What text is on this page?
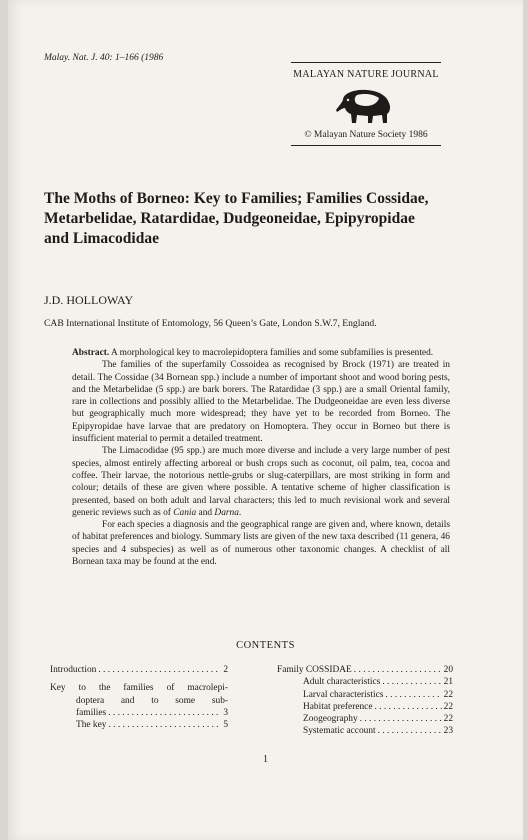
Malay. Nat. J. 40: 1–166 (1986
MALAYAN NATURE JOURNAL
© Malayan Nature Society 1986
The Moths of Borneo: Key to Families; Families Cossidae,
Metarbelidae, Ratardidae, Dudgeoneidae, Epipyropidae
and Limacodidae
J.D. HOLLOWAY
CAB International Institute of Entomology, 56 Queen’s Gate, London S.W.7, England.

Abstract. A morphological key to macrolepidoptera families and some subfamilies is presented.

The families of the superfamily Cossoidea as recognised by Brock (1971) are treated in detail. The Cossidae (34 Bornean spp.) include a number of important shoot and wood boring pests, and the Metarbelidae (5 spp.) are bark borers. The Ratardidae (3 spp.) are a small Oriental family, rare in collections and possibly allied to the Metarbelidae. The Dudgeoneidae are even less diverse but geographically much more widespread; they have yet to be recorded from Borneo. The Epipyropidae have larvae that are predatory on Homoptera. They occur in Borneo but there is insufficient material to permit a detailed treatment.

The Limacodidae (95 spp.) are much more diverse and include a very large number of pest species, almost entirely affecting arboreal or bush crops such as coconut, oil palm, tea, cocoa and coffee. Their larvae, the notorious nettle-grubs or slug-caterpillars, are most striking in form and colour; details of these are given where possible. A tentative scheme of higher classification is presented, based on both adult and larval characters; this led to much revisional work and several generic reviews such as of Cania and Darna.

For each species a diagnosis and the geographical range are given and, where known, details of habitat preferences and biology. Summary lists are given of the new taxa described (11 genera, 46 species and 4 subspecies) as well as of numerous other taxonomic changes. A checklist of all Bornean taxa may be found at the end.

CONTENTS
Introduction . . .	2
Key to the families of macrolepi-
doptera and to some sub-
families . . .	3
The key . . .	5
Family COSSIDAE . . .	20
Adult characteristics . . .	21
Larval characteristics . . .	22
Habitat preference . . .	22
Zoogeography . . .	22
Systematic account . . .	23
1
